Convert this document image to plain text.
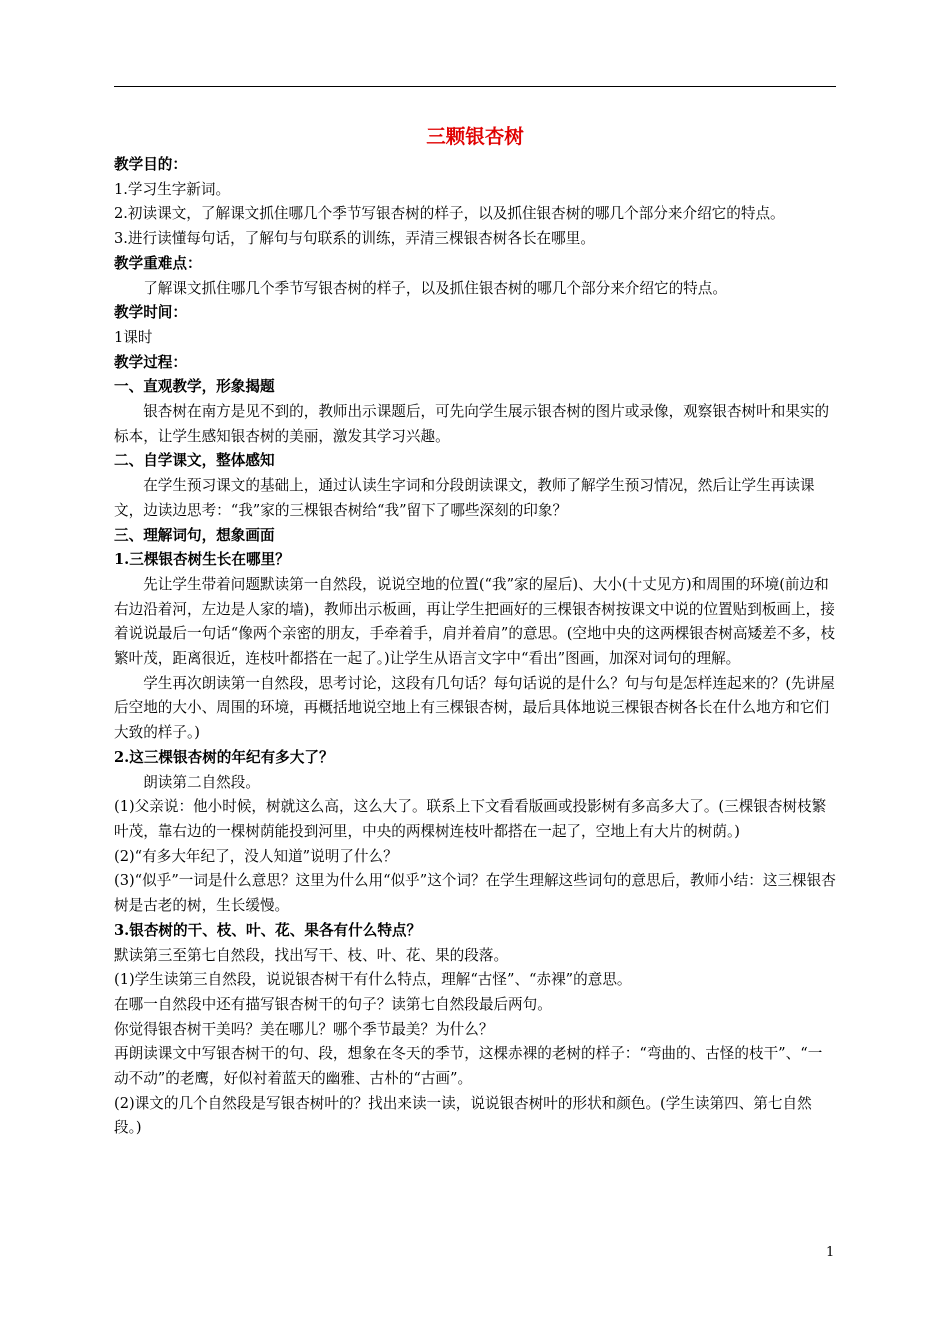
三颗银杏树
教学目的：
1.学习生字新词。
2.初读课文，了解课文抓住哪几个季节写银杏树的样子，以及抓住银杏树的哪几个部分来介绍它的特点。
3.进行读懂每句话，了解句与句联系的训练，弄清三棵银杏树各长在哪里。
教学重难点：
了解课文抓住哪几个季节写银杏树的样子，以及抓住银杏树的哪几个部分来介绍它的特点。
教学时间：
1课时
教学过程：
一、直观教学，形象揭题
银杏树在南方是见不到的，教师出示课题后，可先向学生展示银杏树的图片或录像，观察银杏树叶和果实的标本，让学生感知银杏树的美丽，激发其学习兴趣。
二、自学课文，整体感知
在学生预习课文的基础上，通过认读生字词和分段朗读课文，教师了解学生预习情况，然后让学生再读课文，边读边思考：“我”家的三棵银杏树给“我”留下了哪些深刻的印象？
三、理解词句，想象画面
1.三棵银杏树生长在哪里？
先让学生带着问题默读第一自然段，说说空地的位置(“我”家的屋后)、大小(十丈见方)和周围的环境(前边和右边沿着河，左边是人家的墙)，教师出示板画，再让学生把画好的三棵银杏树按课文中说的位置贴到板画上，接着说说最后一句话“像两个亲密的朋友，手牵着手，肩并着肩”的意思。(空地中央的这两棵银杏树高矮差不多，枝繁叶茂，距离很近，连枝叶都搭在一起了。)让学生从语言文字中“看出”图画，加深对词句的理解。
学生再次朗读第一自然段，思考讨论，这段有几句话？每句话说的是什么？句与句是怎样连起来的？(先讲屋后空地的大小、周围的环境，再概括地说空地上有三棵银杏树，最后具体地说三棵银杏树各长在什么地方和它们大致的样子。)
2.这三棵银杏树的年纪有多大了？
朗读第二自然段。
(1)父亲说：他小时候，树就这么高，这么大了。联系上下文看看版画或投影树有多高多大了。(三棵银杏树枝繁叶茂，靠右边的一棵树荫能投到河里，中央的两棵树连枝叶都搭在一起了，空地上有大片的树荫。)
(2)“有多大年纪了，没人知道”说明了什么？
(3)“似乎”一词是什么意思？这里为什么用“似乎”这个词？在学生理解这些词句的意思后，教师小结：这三棵银杏树是古老的树，生长缓慢。
3.银杏树的干、枝、叶、花、果各有什么特点？
默读第三至第七自然段，找出写干、枝、叶、花、果的段落。
(1)学生读第三自然段，说说银杏树干有什么特点，理解“古怪”、“赤裸”的意思。
在哪一自然段中还有描写银杏树干的句子？读第七自然段最后两句。
你觉得银杏树干美吗？美在哪儿？哪个季节最美？为什么？
再朗读课文中写银杏树干的句、段，想象在冬天的季节，这棵赤裸的老树的样子：“弯曲的、古怪的枝干”、“一动不动”的老鹰，好似衬着蓝天的幽雅、古朴的“古画”。
(2)课文的几个自然段是写银杏树叶的？找出来读一读，说说银杏树叶的形状和颜色。(学生读第四、第七自然段。)
1
